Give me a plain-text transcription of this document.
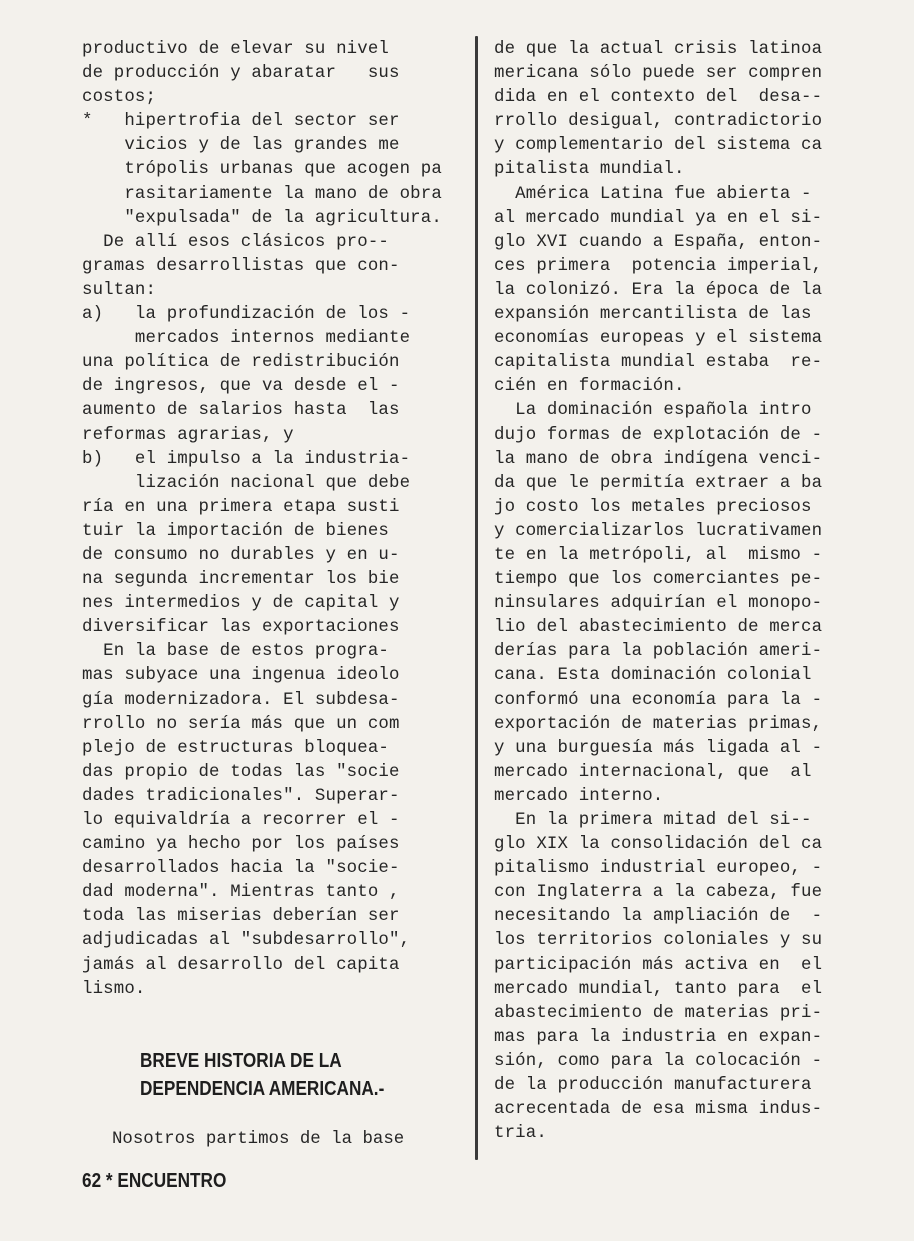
productivo de elevar su nivel
de producción y abaratar   sus
costos;
*   hipertrofia del sector ser
vicios y de las grandes me
trópolis urbanas que acogen pa
rasitariamente la mano de obra
"expulsada" de la agricultura.
De allí esos clásicos pro--
gramas desarrollistas que con-
sultan:
a)   la profundización de los -
mercados internos mediante
una política de redistribución
de ingresos, que va desde el -
aumento de salarios hasta  las
reformas agrarias, y
b)   el impulso a la industria-
lización nacional que debe
ría en una primera etapa susti
tuir la importación de bienes
de consumo no durables y en u-
na segunda incrementar los bie
nes intermedios y de capital y
diversificar las exportaciones
En la base de estos progra-
mas subyace una ingenua ideolo
gía modernizadora. El subdesa-
rrollo no sería más que un com
plejo de estructuras bloquea-
das propio de todas las "socie
dades tradicionales". Superar-
lo equivaldría a recorrer el -
camino ya hecho por los países
desarrollados hacia la "socie-
dad moderna". Mientras tanto ,
toda las miserias deberían ser
adjudicadas al "subdesarrollo",
jamás al desarrollo del capita
lismo.
de que la actual crisis latinoa
mericana sólo puede ser compren
dida en el contexto del  desa--
rrollo desigual, contradictorio
y complementario del sistema ca
pitalista mundial.
América Latina fue abierta -
al mercado mundial ya en el si-
glo XVI cuando a España, enton-
ces primera  potencia imperial,
la colonizó. Era la época de la
expansión mercantilista de las
economías europeas y el sistema
capitalista mundial estaba  re-
cién en formación.
La dominación española intro
dujo formas de explotación de -
la mano de obra indígena venci-
da que le permitía extraer a ba
jo costo los metales preciosos
y comercializarlos lucrativamen
te en la metrópoli, al  mismo -
tiempo que los comerciantes pe-
ninsulares adquirían el monopo-
lio del abastecimiento de merca
derías para la población ameri-
cana. Esta dominación colonial
conformó una economía para la -
exportación de materias primas,
y una burguesía más ligada al -
mercado internacional, que  al
mercado interno.
En la primera mitad del si--
glo XIX la consolidación del ca
pitalismo industrial europeo, -
con Inglaterra a la cabeza, fue
necesitando la ampliación de  -
los territorios coloniales y su
participación más activa en  el
mercado mundial, tanto para  el
abastecimiento de materias pri-
mas para la industria en expan-
sión, como para la colocación -
de la producción manufacturera
acrecentada de esa misma indus-
tria.
BREVE HISTORIA DE LA
DEPENDENCIA AMERICANA.-
Nosotros partimos de la base
62 * ENCUENTRO
